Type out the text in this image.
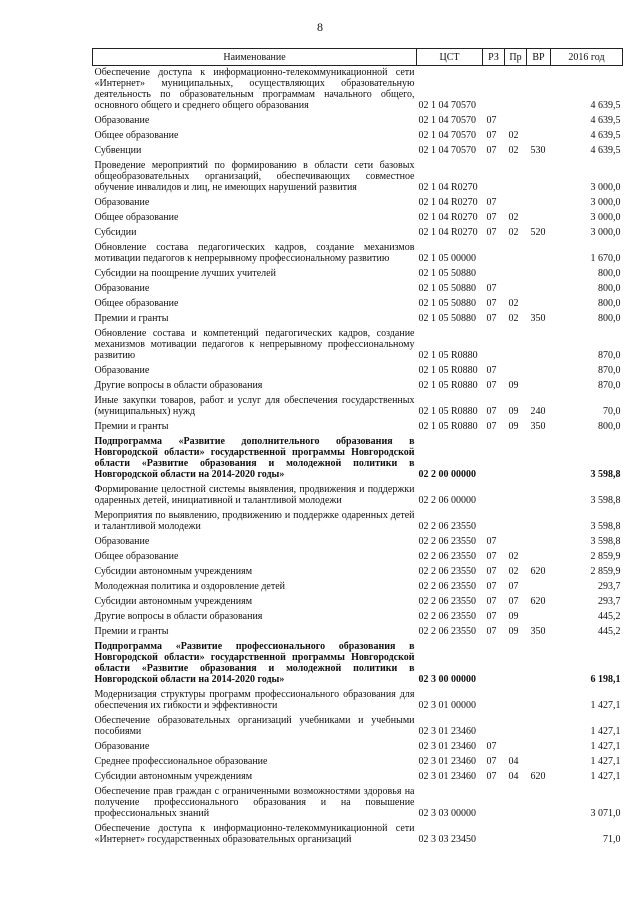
8
Наименование	ЦСТ	РЗ	Пр	ВР	2016 год
Обеспечение доступа к информационно-телекоммуникационной сети «Интернет» муниципальных, осуществляющих образовательную деятельность по образовательным программам начального общего, основного общего и среднего общего образования	02 1 04 70570				4 639,5
Образование	02 1 04 70570	07			4 639,5
Общее образование	02 1 04 70570	07	02		4 639,5
Субвенции	02 1 04 70570	07	02	530	4 639,5
Проведение мероприятий по формированию в области сети базовых общеобразовательных организаций, обеспечивающих совместное обучение инвалидов и лиц, не имеющих нарушений развития	02 1 04 R0270				3 000,0
Образование	02 1 04 R0270	07			3 000,0
Общее образование	02 1 04 R0270	07	02		3 000,0
Субсидии	02 1 04 R0270	07	02	520	3 000,0
Обновление состава педагогических кадров, создание механизмов мотивации педагогов к непрерывному профессиональному развитию	02 1 05 00000				1 670,0
Субсидии на поощрение лучших учителей	02 1 05 50880				800,0
Образование	02 1 05 50880	07			800,0
Общее образование	02 1 05 50880	07	02		800,0
Премии и гранты	02 1 05 50880	07	02	350	800,0
Обновление состава и компетенций педагогических кадров, создание механизмов мотивации педагогов к непрерывному профессиональному развитию	02 1 05 R0880				870,0
Образование	02 1 05 R0880	07			870,0
Другие вопросы в области образования	02 1 05 R0880	07	09		870,0
Иные закупки товаров, работ и услуг для обеспечения государственных (муниципальных) нужд	02 1 05 R0880	07	09	240	70,0
Премии и гранты	02 1 05 R0880	07	09	350	800,0
Подпрограмма «Развитие дополнительного образования в Новгородской области» государственной программы Новгородской области «Развитие образования и молодежной политики в Новгородской области на 2014-2020 годы»	02 2 00 00000				3 598,8
Формирование целостной системы выявления, продвижения и поддержки одаренных детей, инициативной и талантливой молодежи	02 2 06 00000				3 598,8
Мероприятия по выявлению, продвижению и поддержке одаренных детей и талантливой молодежи	02 2 06 23550				3 598,8
Образование	02 2 06 23550	07			3 598,8
Общее образование	02 2 06 23550	07	02		2 859,9
Субсидии автономным учреждениям	02 2 06 23550	07	02	620	2 859,9
Молодежная политика и оздоровление детей	02 2 06 23550	07	07		293,7
Субсидии автономным учреждениям	02 2 06 23550	07	07	620	293,7
Другие вопросы в области образования	02 2 06 23550	07	09		445,2
Премии и гранты	02 2 06 23550	07	09	350	445,2
Подпрограмма «Развитие профессионального образования в Новгородской области» государственной программы Новгородской области «Развитие образования и молодежной политики в Новгородской области на 2014-2020 годы»	02 3 00 00000				6 198,1
Модернизация структуры программ профессионального образования для обеспечения их гибкости и эффективности	02 3 01 00000				1 427,1
Обеспечение образовательных организаций учебниками и учебными пособиями	02 3 01 23460				1 427,1
Образование	02 3 01 23460	07			1 427,1
Среднее профессиональное образование	02 3 01 23460	07	04		1 427,1
Субсидии автономным учреждениям	02 3 01 23460	07	04	620	1 427,1
Обеспечение прав граждан с ограниченными возможностями здоровья на получение профессионального образования и на повышение профессиональных знаний	02 3 03 00000				3 071,0
Обеспечение доступа к информационно-телекоммуникационной сети «Интернет» государственных образовательных организаций	02 3 03 23450				71,0
